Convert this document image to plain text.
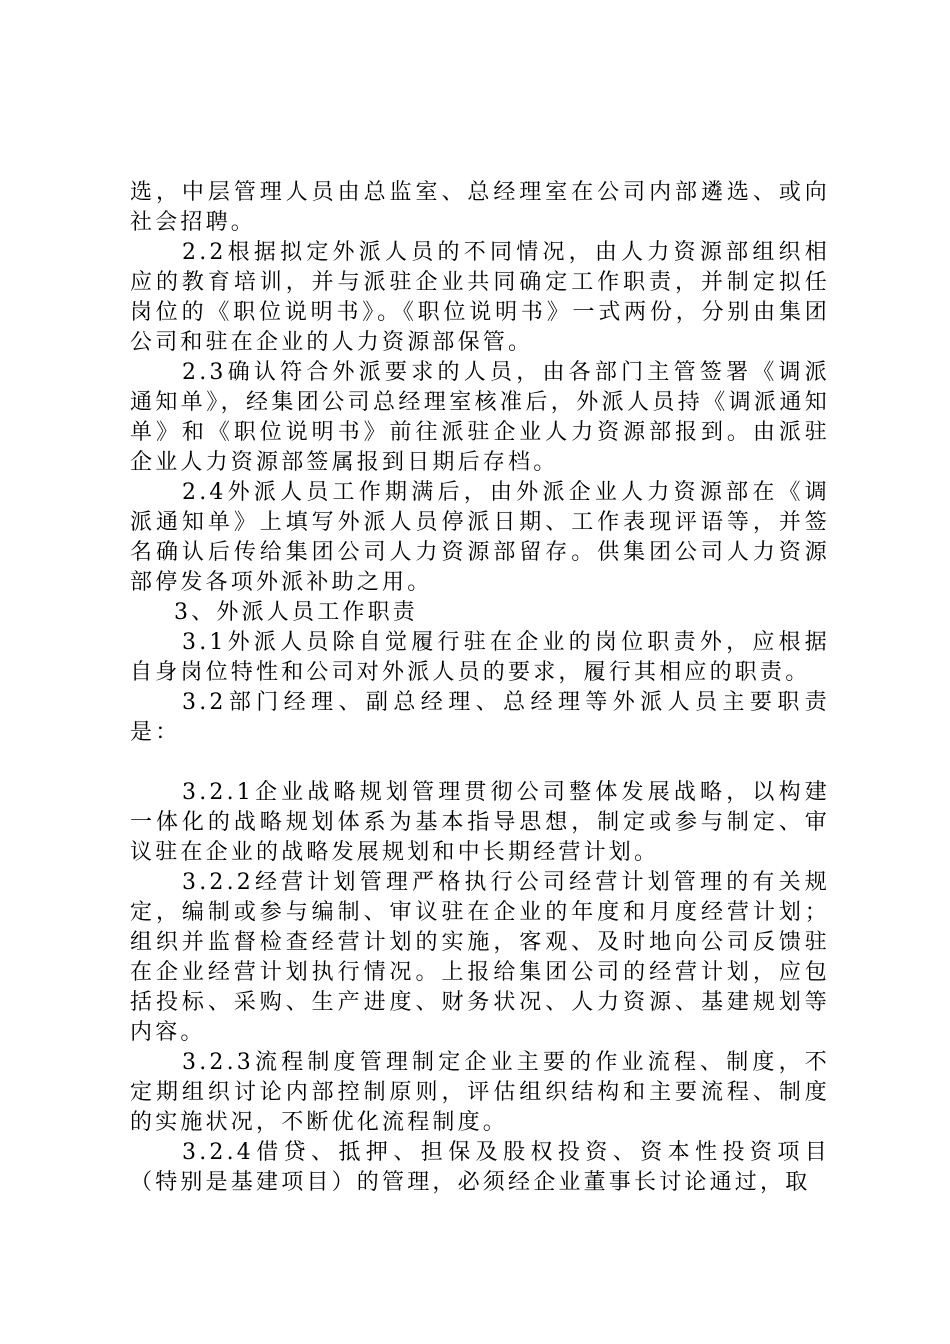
选，中层管理人员由总监室、总经理室在公司内部遴选、或向社会招聘。

2.2根据拟定外派人员的不同情况，由人力资源部组织相应的教育培训，并与派驻企业共同确定工作职责，并制定拟任岗位的《职位说明书》。《职位说明书》一式两份，分别由集团公司和驻在企业的人力资源部保管。

2.3确认符合外派要求的人员，由各部门主管签署《调派通知单》，经集团公司总经理室核准后，外派人员持《调派通知单》和《职位说明书》前往派驻企业人力资源部报到。由派驻企业人力资源部签属报到日期后存档。

2.4外派人员工作期满后，由外派企业人力资源部在《调派通知单》上填写外派人员停派日期、工作表现评语等，并签名确认后传给集团公司人力资源部留存。供集团公司人力资源部停发各项外派补助之用。

3、外派人员工作职责

3.1外派人员除自觉履行驻在企业的岗位职责外，应根据自身岗位特性和公司对外派人员的要求，履行其相应的职责。

3.2部门经理、副总经理、总经理等外派人员主要职责是：

3.2.1企业战略规划管理贯彻公司整体发展战略，以构建一体化的战略规划体系为基本指导思想，制定或参与制定、审议驻在企业的战略发展规划和中长期经营计划。

3.2.2经营计划管理严格执行公司经营计划管理的有关规定，编制或参与编制、审议驻在企业的年度和月度经营计划；组织并监督检查经营计划的实施，客观、及时地向公司反馈驻在企业经营计划执行情况。上报给集团公司的经营计划，应包括投标、采购、生产进度、财务状况、人力资源、基建规划等内容。

3.2.3流程制度管理制定企业主要的作业流程、制度，不定期组织讨论内部控制原则，评估组织结构和主要流程、制度的实施状况，不断优化流程制度。

3.2.4借贷、抵押、担保及股权投资、资本性投资项目（特别是基建项目）的管理，必须经企业董事长讨论通过，取
